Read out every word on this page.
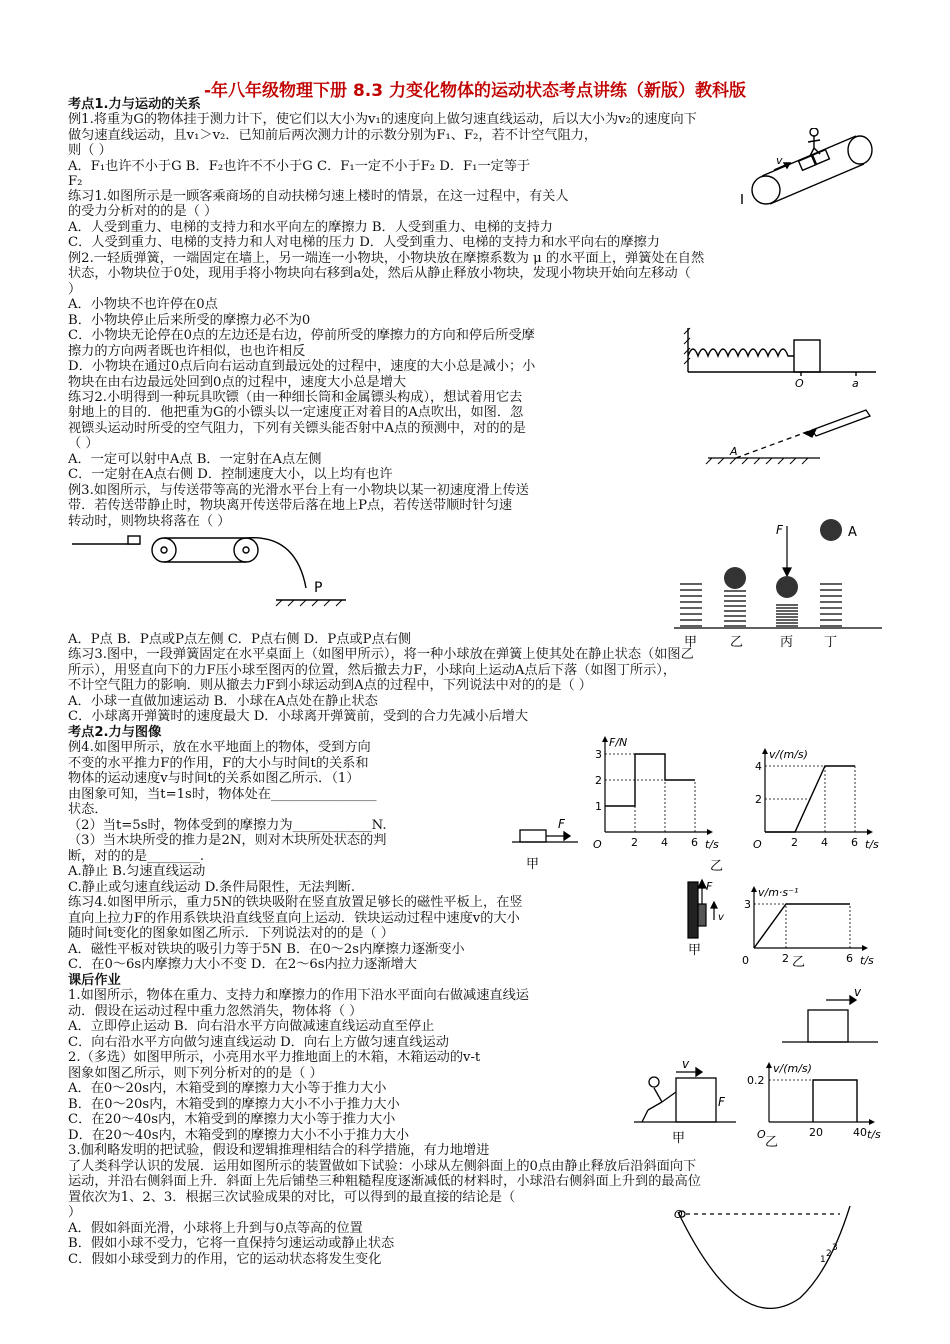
-年八年级物理下册 8.3 力变化物体的运动状态考点讲练（新版）教科版
考点1.力与运动的关系
例1.将重为G的物体挂于测力计下，使它们以大小为v₁的速度向上做匀速直线运动，后以大小为v₂的速度向下
做匀速直线运动，且v₁＞v₂．已知前后两次测力计的示数分别为F₁、F₂，若不计空气阻力，
则（ ）
A．F₁也许不小于G B．F₂也许不不小于G C．F₁一定不小于F₂ D．F₁一定等于
F₂
练习1.如图所示是一顾客乘商场的自动扶梯匀速上楼时的情景，在这一过程中，有关人
的受力分析对的的是（ ）
A．人受到重力、电梯的支持力和水平向左的摩擦力 B．人受到重力、电梯的支持力
C．人受到重力、电梯的支持力和人对电梯的压力 D．人受到重力、电梯的支持力和水平向右的摩擦力
例2.一轻质弹簧，一端固定在墙上，另一端连一小物块，小物块放在摩擦系数为 μ 的水平面上，弹簧处在自然
状态，小物块位于0处，现用手将小物块向右移到a处，然后从静止释放小物块，发现小物块开始向左移动（
）
A．小物块不也许停在0点
B．小物块停止后来所受的摩擦力必不为0
C．小物块无论停在0点的左边还是右边，停前所受的摩擦力的方向和停后所受摩
擦力的方向两者既也许相似，也也许相反
D．小物块在通过0点后向右运动直到最远处的过程中，速度的大小总是减小；小
物块在由右边最远处回到0点的过程中，速度大小总是增大
练习2.小明得到一种玩具吹镖（由一种细长筒和金属镖头构成），想试着用它去
射地上的目的．他把重为G的小镖头以一定速度正对着目的A点吹出，如图．忽
视镖头运动时所受的空气阻力，下列有关镖头能否射中A点的预测中，对的的是
（ ）
A．一定可以射中A点 B．一定射在A点左侧
C．一定射在A点右侧 D．控制速度大小，以上均有也许
例3.如图所示，与传送带等高的光滑水平台上有一小物块以某一初速度滑上传送
带．若传送带静止时，物块离开传送带后落在地上P点，若传送带顺时针匀速
转动时，则物块将落在（ ）
A．P点 B．P点或P点左侧 C．P点右侧 D．P点或P点右侧
练习3.图中，一段弹簧固定在水平桌面上（如图甲所示），将一种小球放在弹簧上使其处在静止状态（如图乙
所示），用竖直向下的力F压小球至图丙的位置，然后撤去力F，小球向上运动A点后下落（如图丁所示），
不计空气阻力的影响．则从撤去力F到小球运动到A点的过程中，下列说法中对的的是（ ）
A．小球一直做加速运动 B．小球在A点处在静止状态
C．小球离开弹簧时的速度最大 D．小球离开弹簧前，受到的合力先减小后增大
考点2.力与图像
例4.如图甲所示，放在水平地面上的物体，受到方向
不变的水平推力F的作用，F的大小与时间t的关系和
物体的运动速度v与时间t的关系如图乙所示．（1）
由图象可知，当t=1s时，物体处在________________
状态．
（2）当t=5s时，物体受到的摩擦力为____________N.
（3）当木块所受的推力是2N，则对木块所处状态的判
断，对的的是________.
A.静止 B.匀速直线运动
C.静止或匀速直线运动 D.条件局限性，无法判断.
练习4.如图甲所示，重力5N的铁块吸附在竖直放置足够长的磁性平板上，在竖
直向上拉力F的作用系铁块沿直线竖直向上运动．铁块运动过程中速度v的大小
随时间t变化的图象如图乙所示．下列说法对的的是（ ）
A．磁性平板对铁块的吸引力等于5N B．在0～2s内摩擦力逐渐变小
C．在0～6s内摩擦力大小不变 D．在2～6s内拉力逐渐增大
课后作业
1.如图所示，物体在重力、支持力和摩擦力的作用下沿水平面向右做减速直线运
动．假设在运动过程中重力忽然消失，物体将（ ）
A．立即停止运动 B．向右沿水平方向做减速直线运动直至停止
C．向右沿水平方向做匀速直线运动 D．向右上方做匀速直线运动
2.（多选）如图甲所示，小亮用水平力推地面上的木箱，木箱运动的v-t
图象如图乙所示，则下列分析对的的是（ ）
A．在0～20s内，木箱受到的摩擦力大小等于推力大小
B．在0～20s内，木箱受到的摩擦力大小不小于推力大小
C．在20～40s内，木箱受到的摩擦力大小等于推力大小
D．在20～40s内，木箱受到的摩擦力大小不小于推力大小
3.伽利略发明的把试验，假设和逻辑推理相结合的科学措施，有力地增进
了人类科学认识的发展．运用如图所示的装置做如下试验：小球从左侧斜面上的0点由静止释放后沿斜面向下
运动，并沿右侧斜面上升．斜面上先后铺垫三种粗糙程度逐渐减低的材料时，小球沿右侧斜面上升到的最高位
置依次为1、2、3．根据三次试验成果的对比，可以得到的最直接的结论是（
）
A．假如斜面光滑，小球将上升到与0点等高的位置
B．假如小球不受力，它将一直保持匀速运动或静止状态
C．假如小球受到力的作用，它的运动状态将发生变化
v
O	a
A
P
F	A
甲	乙	丙 丁
F
甲
2 4 6
1
2
3
F/N
t/s
O	2 4 6
2
4
v/(m/s)
t/s
O
乙
F
v
甲
2	6
3
v/m·s⁻¹
t/s
0	乙
v
v
F
甲	20	40
0.2
v/(m/s)
t/s
O
乙
O
1
2
3
